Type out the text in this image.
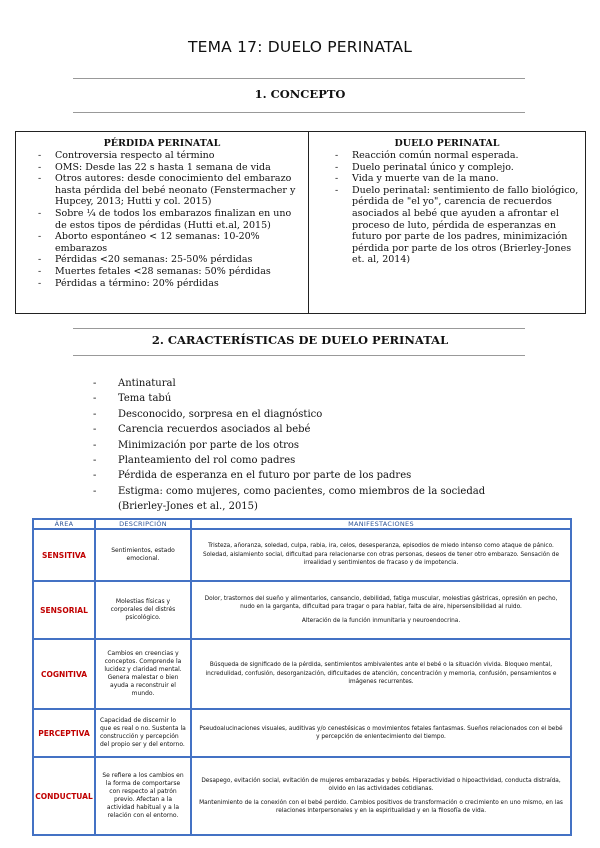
TEMA 17: DUELO PERINATAL
1. CONCEPTO
PÉRDIDA PERINATAL
- Controversia respecto al término
- OMS: Desde las 22 s hasta 1 semana de vida
- Otros autores: desde conocimiento del embarazo hasta pérdida del bebé neonato (Fenstermacher y Hupcey, 2013; Hutti y col. 2015)
- Sobre ¼ de todos los embarazos finalizan en uno de estos tipos de pérdidas (Hutti et.al, 2015)
- Aborto espontáneo < 12 semanas: 10-20% embarazos
- Pérdidas <20 semanas: 25-50% pérdidas
- Muertes fetales <28 semanas: 50% pérdidas
- Pérdidas a término: 20% pérdidas
DUELO PERINATAL
- Reacción común normal esperada.
- Duelo perinatal único y complejo.
- Vida y muerte van de la mano.
- Duelo perinatal: sentimiento de fallo biológico, pérdida de "el yo", carencia de recuerdos asociados al bebé que ayuden a afrontar el proceso de luto, pérdida de esperanzas en futuro por parte de los padres, minimización pérdida por parte de los otros (Brierley-Jones et. al, 2014)
2. CARACTERÍSTICAS DE DUELO PERINATAL
- Antinatural
- Tema tabú
- Desconocido, sorpresa en el diagnóstico
- Carencia recuerdos asociados al bebé
- Minimización por parte de los otros
- Planteamiento del rol como padres
- Pérdida de esperanza en el futuro por parte de los padres
- Estigma: como mujeres, como pacientes, como miembros de la sociedad (Brierley-Jones et al., 2015)
ÁREA	DESCRIPCIÓN	MANIFESTACIONES
SENSITIVA	Sentimientos, estado emocional.	Tristeza, añoranza, soledad, culpa, rabia, ira, celos, desesperanza, episodios de miedo intenso como ataque de pánico. Soledad, aislamiento social, dificultad para relacionarse con otras personas, deseos de tener otro embarazo. Sensación de irrealidad y sentimientos de fracaso y de impotencia.

SENSORIAL	Molestias físicas y corporales del distrés psicológico.	Dolor, trastornos del sueño y alimentarios, cansancio, debilidad, fatiga muscular, molestias gástricas, opresión en pecho, nudo en la garganta, dificultad para tragar o para hablar, falta de aire, hipersensibilidad al ruido.

Alteración de la función inmunitaria y neuroendocrina.

COGNITIVA	Cambios en creencias y conceptos. Comprende la lucidez y claridad mental. Genera malestar o bien ayuda a reconstruir el mundo.	Búsqueda de significado de la pérdida, sentimientos ambivalentes ante el bebé o la situación vivida. Bloqueo mental, incredulidad, confusión, desorganización, dificultades de atención, concentración y memoria, confusión, pensamientos e imágenes recurrentes.

PERCEPTIVA	Capacidad de discernir lo que es real o no. Sustenta la construcción y percepción del propio ser y del entorno.	Pseudoalucinaciones visuales, auditivas y/o cenestésicas o movimientos fetales fantasmas. Sueños relacionados con el bebé y percepción de enlentecimiento del tiempo.

CONDUCTUAL	Se refiere a los cambios en la forma de comportarse con respecto al patrón previo. Afectan a la actividad habitual y a la relación con el entorno.	Desapego, evitación social, evitación de mujeres embarazadas y bebés. Hiperactividad o hipoactividad, conducta distraída, olvido en las actividades cotidianas.

Mantenimiento de la conexión con el bebé perdido. Cambios positivos de transformación o crecimiento en uno mismo, en las relaciones interpersonales y en la espiritualidad y en la filosofía de vida.
